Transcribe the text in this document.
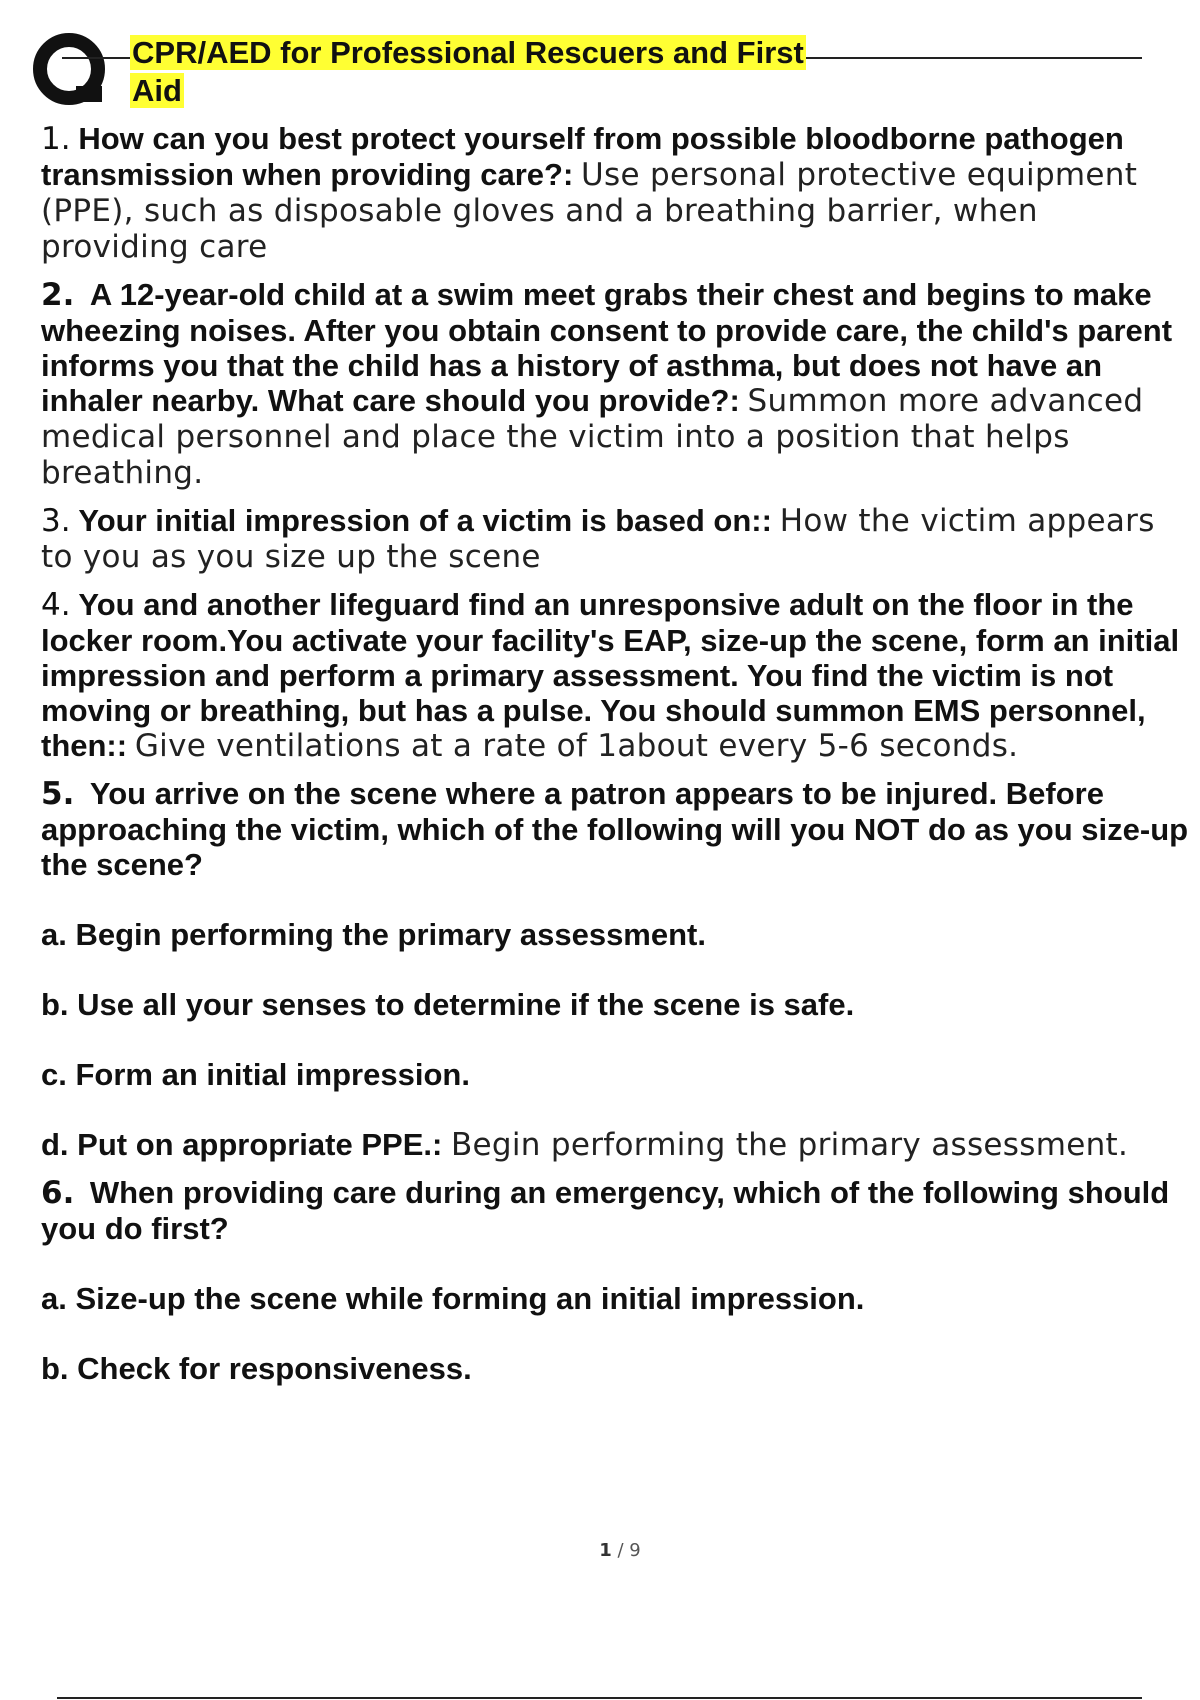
CPR/AED for Professional Rescuers and First Aid

1. How can you best protect yourself from possible bloodborne pathogen transmission when providing care?: Use personal protective equipment (PPE), such as disposable gloves and a breathing barrier, when providing care

2. A 12-year-old child at a swim meet grabs their chest and begins to make wheezing noises. After you obtain consent to provide care, the child's parent informs you that the child has a history of asthma, but does not have an inhaler nearby. What care should you provide?: Summon more advanced medical personnel and place the victim into a position that helps breathing.

3. Your initial impression of a victim is based on:: How the victim appears to you as you size up the scene

4. You and another lifeguard find an unresponsive adult on the floor in the locker room.You activate your facility's EAP, size-up the scene, form an initial impression and perform a primary assessment. You find the victim is not moving or breathing, but has a pulse. You should summon EMS personnel, then:: Give ventilations at a rate of 1about every 5-6 seconds.

5. You arrive on the scene where a patron appears to be injured. Before approaching the victim, which of the following will you NOT do as you size-up the scene?

a. Begin performing the primary assessment.

b. Use all your senses to determine if the scene is safe.

c. Form an initial impression.

d. Put on appropriate PPE.: Begin performing the primary assessment.

6. When providing care during an emergency, which of the following should you do first?

a. Size-up the scene while forming an initial impression.

b. Check for responsiveness.

1 / 9
